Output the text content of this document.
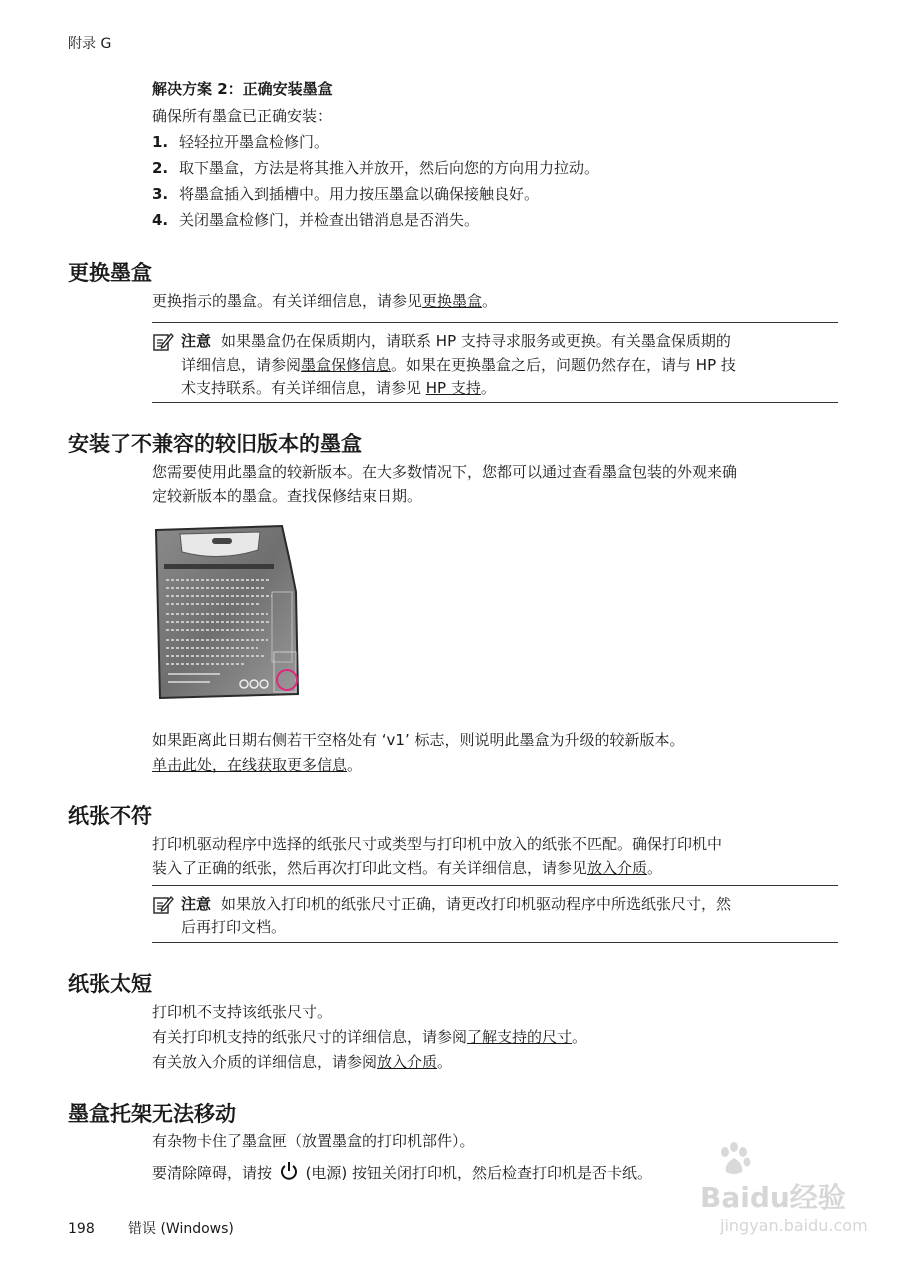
附录 G
解决方案 2：正确安装墨盒
确保所有墨盒已正确安装：
1. 轻轻拉开墨盒检修门。
2. 取下墨盒，方法是将其推入并放开，然后向您的方向用力拉动。
3. 将墨盒插入到插槽中。用力按压墨盒以确保接触良好。
4. 关闭墨盒检修门，并检查出错消息是否消失。
更换墨盒
更换指示的墨盒。有关详细信息，请参见更换墨盒。
注意 如果墨盒仍在保质期内，请联系 HP 支持寻求服务或更换。有关墨盒保质期的
详细信息，请参阅墨盒保修信息。如果在更换墨盒之后，问题仍然存在，请与 HP 技
术支持联系。有关详细信息，请参见 HP 支持。
安装了不兼容的较旧版本的墨盒
您需要使用此墨盒的较新版本。在大多数情况下，您都可以通过查看墨盒包装的外观来确
定较新版本的墨盒。查找保修结束日期。
如果距离此日期右侧若干空格处有 ‘v1’ 标志，则说明此墨盒为升级的较新版本。
单击此处，在线获取更多信息。
纸张不符
打印机驱动程序中选择的纸张尺寸或类型与打印机中放入的纸张不匹配。确保打印机中
装入了正确的纸张，然后再次打印此文档。有关详细信息，请参见放入介质。
注意 如果放入打印机的纸张尺寸正确，请更改打印机驱动程序中所选纸张尺寸，然
后再打印文档。
纸张太短
打印机不支持该纸张尺寸。
有关打印机支持的纸张尺寸的详细信息，请参阅了解支持的尺寸。
有关放入介质的详细信息，请参阅放入介质。
墨盒托架无法移动
有杂物卡住了墨盒匣（放置墨盒的打印机部件）。
要清除障碍，请按 (电源) 按钮关闭打印机，然后检查打印机是否卡纸。
198 错误 (Windows)
Baidu经验
jingyan.baidu.com
